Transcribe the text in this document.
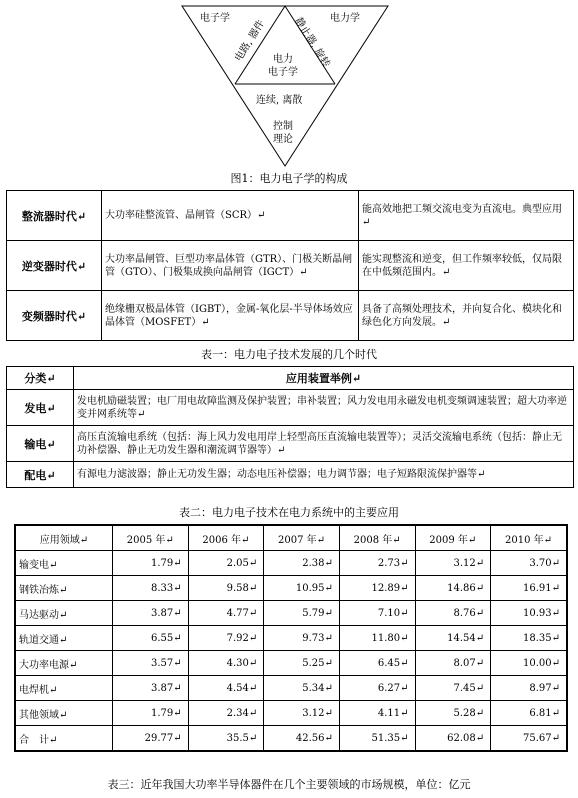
电子学	电力学
电路, 器件	静止器, 旋转
电力
电子学
连续, 离散
控制
理论
图1：电力电子学的构成
整流器时代↵	大功率硅整流管、晶闸管（SCR）↵	能高效地把工频交流电变为直流电。典型应用↵
逆变器时代↵	大功率晶闸管、巨型功率晶体管（GTR）、门极关断晶闸管（GTO）、门极集成换向晶闸管（IGCT）↵	能实现整流和逆变，但工作频率较低，仅局限在中低频范围内。↵
变频器时代↵	绝缘栅双极晶体管（IGBT），金属-氧化层-半导体场效应晶体管（MOSFET）↵	具备了高频处理技术，并向复合化、模块化和绿色化方向发展。↵
表一：电力电子技术发展的几个时代
分类↵	应用装置举例↵
发电↵	发电机励磁装置；电厂用电故障监测及保护装置；串补装置；风力发电用永磁发电机变频调速装置；超大功率逆变并网系统等↵
输电↵	高压直流输电系统（包括：海上风力发电用岸上轻型高压直流输电装置等）；灵活交流输电系统（包括：静止无功补偿器、静止无功发生器和潮流调节器等）↵
配电↵	有源电力滤波器；静止无功发生器；动态电压补偿器；电力调节器；电子短路限流保护器等↵
表二：电力电子技术在电力系统中的主要应用
应用领域↵	2005 年↵	2006 年↵	2007 年↵	2008 年↵	2009 年↵	2010 年↵
输变电↵	1.79↵	2.05↵	2.38↵	2.73↵	3.12↵	3.70↵
钢铁冶炼↵	8.33↵	9.58↵	10.95↵	12.89↵	14.86↵	16.91↵
马达驱动↵	3.87↵	4.77↵	5.79↵	7.10↵	8.76↵	10.93↵
轨道交通↵	6.55↵	7.92↵	9.73↵	11.80↵	14.54↵	18.35↵
大功率电源↵	3.57↵	4.30↵	5.25↵	6.45↵	8.07↵	10.00↵
电焊机↵	3.87↵	4.54↵	5.34↵	6.27↵	7.45↵	8.97↵
其他领域↵	1.79↵	2.34↵	3.12↵	4.11↵	5.28↵	6.81↵
合　计↵	29.77↵	35.5↵	42.56↵	51.35↵	62.08↵	75.67↵
表三：近年我国大功率半导体器件在几个主要领域的市场规模，单位：亿元
